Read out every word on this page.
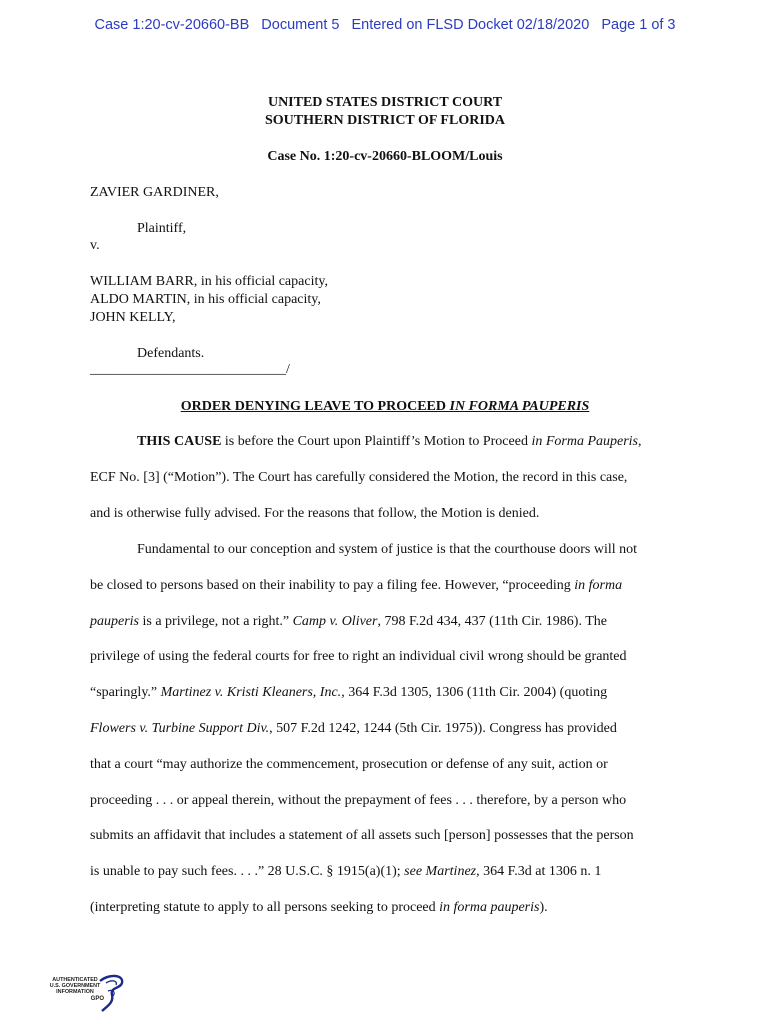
Case 1:20-cv-20660-BB Document 5 Entered on FLSD Docket 02/18/2020 Page 1 of 3
UNITED STATES DISTRICT COURT
SOUTHERN DISTRICT OF FLORIDA
Case No. 1:20-cv-20660-BLOOM/Louis
ZAVIER GARDINER,
Plaintiff,
v.
WILLIAM BARR, in his official capacity,
ALDO MARTIN, in his official capacity,
JOHN KELLY,
Defendants.
____________________________/
ORDER DENYING LEAVE TO PROCEED IN FORMA PAUPERIS
THIS CAUSE is before the Court upon Plaintiff’s Motion to Proceed in Forma Pauperis,
ECF No. [3] (“Motion”). The Court has carefully considered the Motion, the record in this case,
and is otherwise fully advised. For the reasons that follow, the Motion is denied.
Fundamental to our conception and system of justice is that the courthouse doors will not
be closed to persons based on their inability to pay a filing fee. However, “proceeding in forma
pauperis is a privilege, not a right.” Camp v. Oliver, 798 F.2d 434, 437 (11th Cir. 1986). The
privilege of using the federal courts for free to right an individual civil wrong should be granted
“sparingly.” Martinez v. Kristi Kleaners, Inc., 364 F.3d 1305, 1306 (11th Cir. 2004) (quoting
Flowers v. Turbine Support Div., 507 F.2d 1242, 1244 (5th Cir. 1975)). Congress has provided
that a court “may authorize the commencement, prosecution or defense of any suit, action or
proceeding . . . or appeal therein, without the prepayment of fees . . . therefore, by a person who
submits an affidavit that includes a statement of all assets such [person] possesses that the person
is unable to pay such fees. . . .” 28 U.S.C. § 1915(a)(1); see Martinez, 364 F.3d at 1306 n. 1
(interpreting statute to apply to all persons seeking to proceed in forma pauperis).
AUTHENTICATED
U.S. GOVERNMENT
INFORMATION
GPO
